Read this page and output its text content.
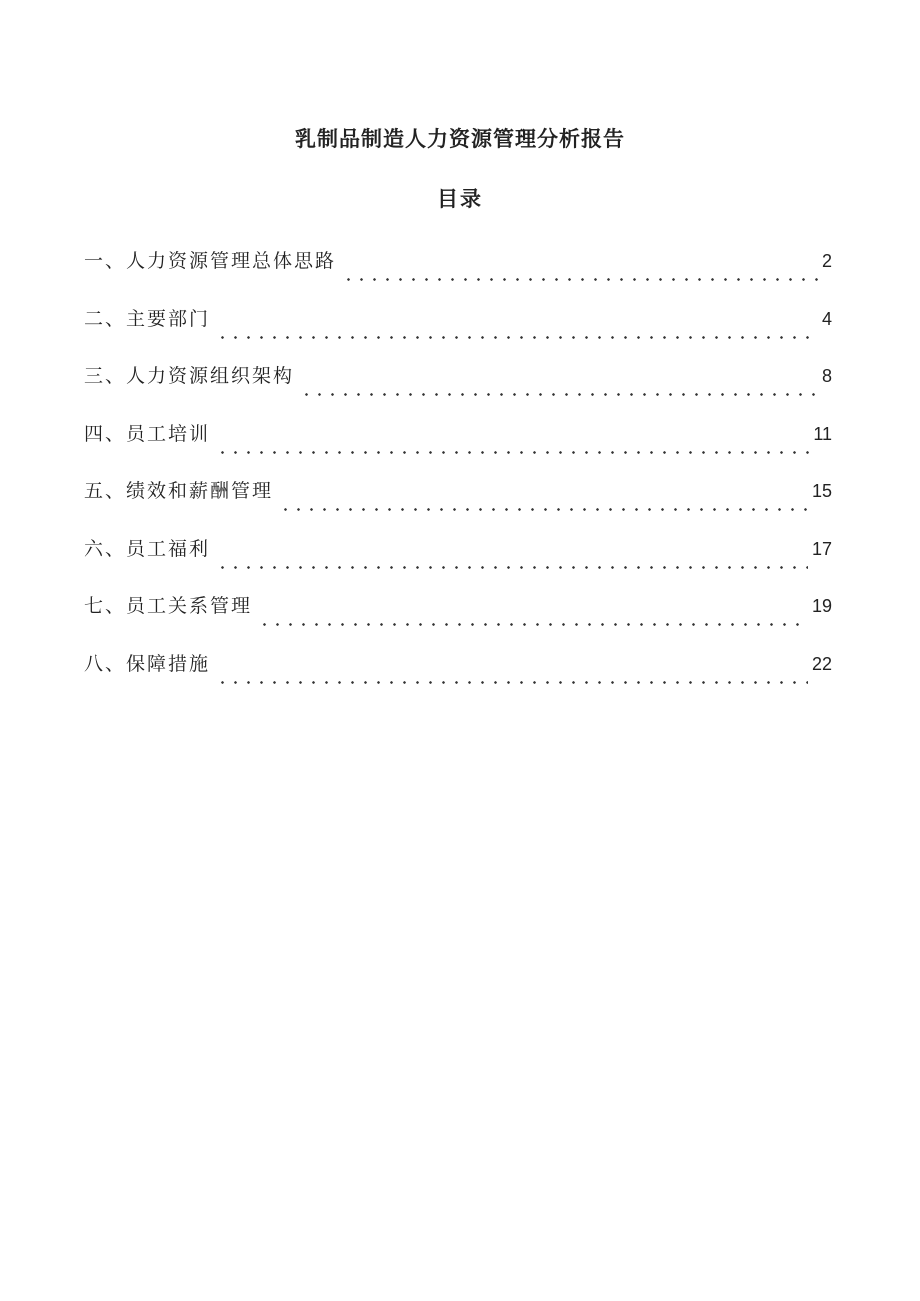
乳制品制造人力资源管理分析报告
目录
一、人力资源管理总体思路	2
二、主要部门	4
三、人力资源组织架构	8
四、员工培训	11
五、绩效和薪酬管理	15
六、员工福利	17
七、员工关系管理	19
八、保障措施	22
